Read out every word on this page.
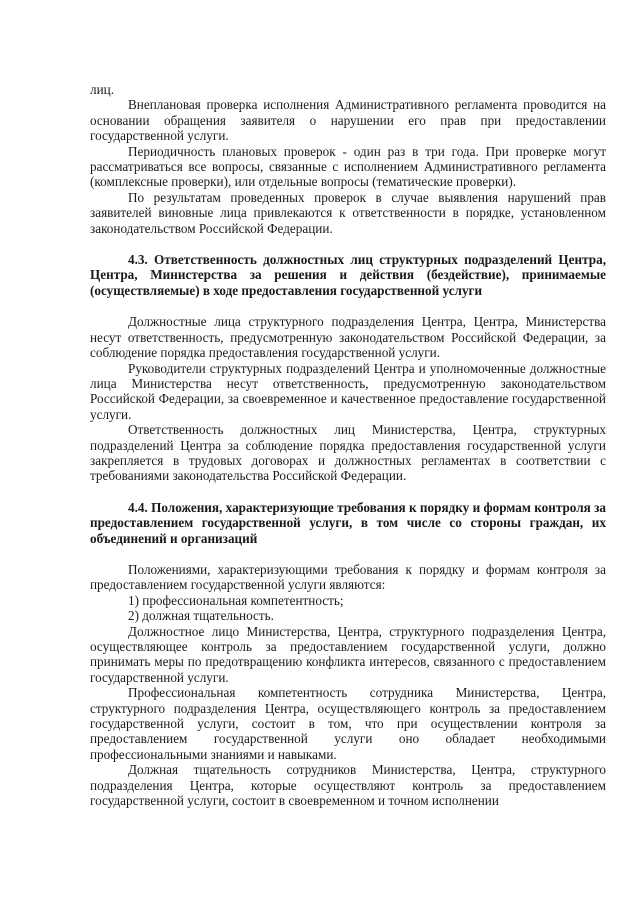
лиц.

Внеплановая проверка исполнения Административного регламента проводится на основании обращения заявителя о нарушении его прав при предоставлении государственной услуги.

Периодичность плановых проверок - один раз в три года. При проверке могут рассматриваться все вопросы, связанные с исполнением Административного регламента (комплексные проверки), или отдельные вопросы (тематические проверки).

По результатам проведенных проверок в случае выявления нарушений прав заявителей виновные лица привлекаются к ответственности в порядке, установленном законодательством Российской Федерации.

4.3. Ответственность должностных лиц структурных подразделений Центра, Центра, Министерства за решения и действия (бездействие), принимаемые (осуществляемые) в ходе предоставления государственной услуги

Должностные лица структурного подразделения Центра, Центра, Министерства несут ответственность, предусмотренную законодательством Российской Федерации, за соблюдение порядка предоставления государственной услуги.

Руководители структурных подразделений Центра и уполномоченные должностные лица Министерства несут ответственность, предусмотренную законодательством Российской Федерации, за своевременное и качественное предоставление государственной услуги.

Ответственность должностных лиц Министерства, Центра, структурных подразделений Центра за соблюдение порядка предоставления государственной услуги закрепляется в трудовых договорах и должностных регламентах в соответствии с требованиями законодательства Российской Федерации.

4.4. Положения, характеризующие требования к порядку и формам контроля за предоставлением государственной услуги, в том числе со стороны граждан, их объединений и организаций

Положениями, характеризующими требования к порядку и формам контроля за предоставлением государственной услуги являются:

1) профессиональная компетентность;

2) должная тщательность.

Должностное лицо Министерства, Центра, структурного подразделения Центра, осуществляющее контроль за предоставлением государственной услуги, должно принимать меры по предотвращению конфликта интересов, связанного с предоставлением государственной услуги.

Профессиональная компетентность сотрудника Министерства, Центра, структурного подразделения Центра, осуществляющего контроль за предоставлением государственной услуги, состоит в том, что при осуществлении контроля за предоставлением государственной услуги оно обладает необходимыми профессиональными знаниями и навыками.

Должная тщательность сотрудников Министерства, Центра, структурного подразделения Центра, которые осуществляют контроль за предоставлением государственной услуги, состоит в своевременном и точном исполнении
